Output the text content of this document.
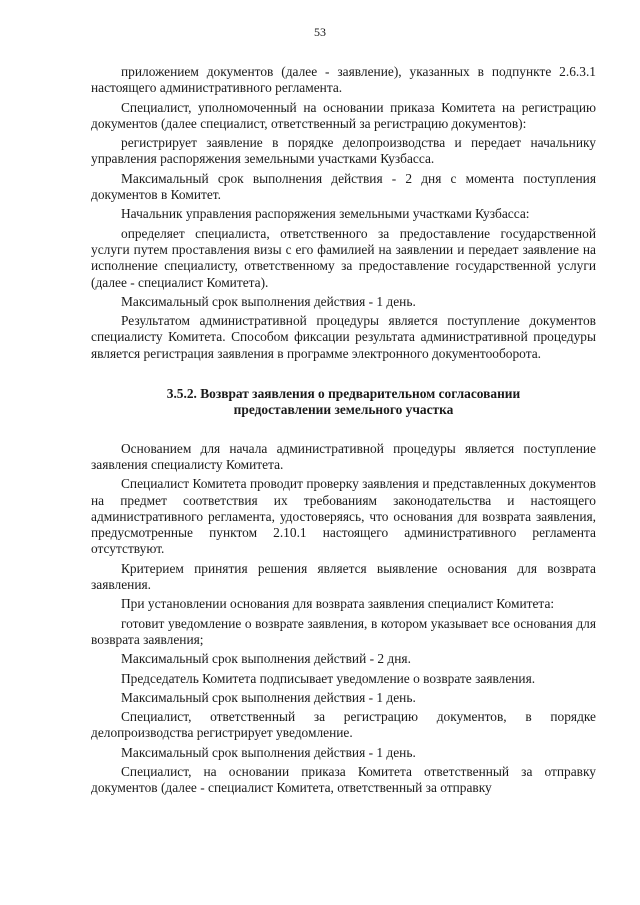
53

приложением документов (далее - заявление), указанных в подпункте 2.6.3.1 настоящего административного регламента.

Специалист, уполномоченный на основании приказа Комитета на регистрацию документов (далее специалист, ответственный за регистрацию документов):

регистрирует заявление в порядке делопроизводства и передает начальнику управления распоряжения земельными участками Кузбасса.

Максимальный срок выполнения действия - 2 дня с момента поступления документов в Комитет.

Начальник управления распоряжения земельными участками Кузбасса:

определяет специалиста, ответственного за предоставление государственной услуги путем проставления визы с его фамилией на заявлении и передает заявление на исполнение специалисту, ответственному за предоставление государственной услуги (далее - специалист Комитета).

Максимальный срок выполнения действия - 1 день.

Результатом административной процедуры является поступление документов специалисту Комитета. Способом фиксации результата административной процедуры является регистрация заявления в программе электронного документооборота.

3.5.2. Возврат заявления о предварительном согласовании
предоставлении земельного участка

Основанием для начала административной процедуры является поступление заявления специалисту Комитета.

Специалист Комитета проводит проверку заявления и представленных документов на предмет соответствия их требованиям законодательства и настоящего административного регламента, удостоверяясь, что основания для возврата заявления, предусмотренные пунктом 2.10.1 настоящего административного регламента отсутствуют.

Критерием принятия решения является выявление основания для возврата заявления.

При установлении основания для возврата заявления специалист Комитета:

готовит уведомление о возврате заявления, в котором указывает все основания для возврата заявления;

Максимальный срок выполнения действий - 2 дня.

Председатель Комитета подписывает уведомление о возврате заявления.

Максимальный срок выполнения действия - 1 день.

Специалист, ответственный за регистрацию документов, в порядке делопроизводства регистрирует уведомление.

Максимальный срок выполнения действия - 1 день.

Специалист, на основании приказа Комитета ответственный за отправку документов (далее - специалист Комитета, ответственный за отправку
